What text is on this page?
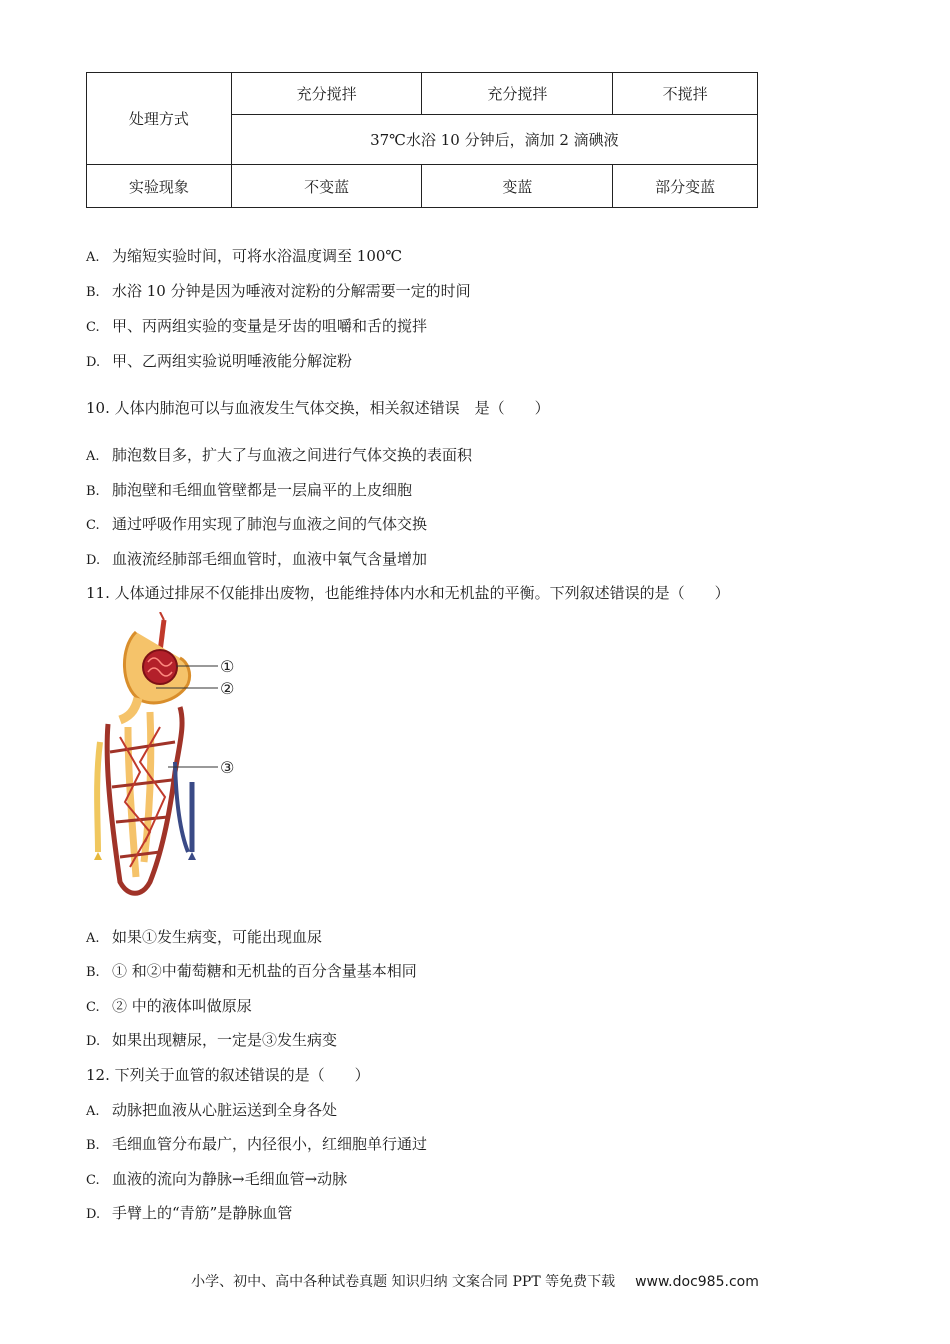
处理方式	充分搅拌	充分搅拌	不搅拌
	37℃水浴 10 分钟后，滴加 2 滴碘液		
实验现象	不变蓝	变蓝	部分变蓝
A. 为缩短实验时间，可将水浴温度调至 100℃
B. 水浴 10 分钟是因为唾液对淀粉的分解需要一定的时间
C. 甲、丙两组实验的变量是牙齿的咀嚼和舌的搅拌
D. 甲、乙两组实验说明唾液能分解淀粉
10. 人体内肺泡可以与血液发生气体交换，相关叙述错误　是（　　）
A. 肺泡数目多，扩大了与血液之间进行气体交换的表面积
B. 肺泡壁和毛细血管壁都是一层扁平的上皮细胞
C. 通过呼吸作用实现了肺泡与血液之间的气体交换
D. 血液流经肺部毛细血管时，血液中氧气含量增加
11. 人体通过排尿不仅能排出废物，也能维持体内水和无机盐的平衡。下列叙述错误的是（　　）
①
②
③
A. 如果①发生病变，可能出现血尿
B. ① 和②中葡萄糖和无机盐的百分含量基本相同
C. ② 中的液体叫做原尿
D. 如果出现糖尿，一定是③发生病变
12. 下列关于血管的叙述错误的是（　　）
A. 动脉把血液从心脏运送到全身各处
B. 毛细血管分布最广，内径很小，红细胞单行通过
C. 血液的流向为静脉→毛细血管→动脉
D. 手臂上的“青筋”是静脉血管
小学、初中、高中各种试卷真题 知识归纳 文案合同 PPT 等免费下载 www.doc985.com
